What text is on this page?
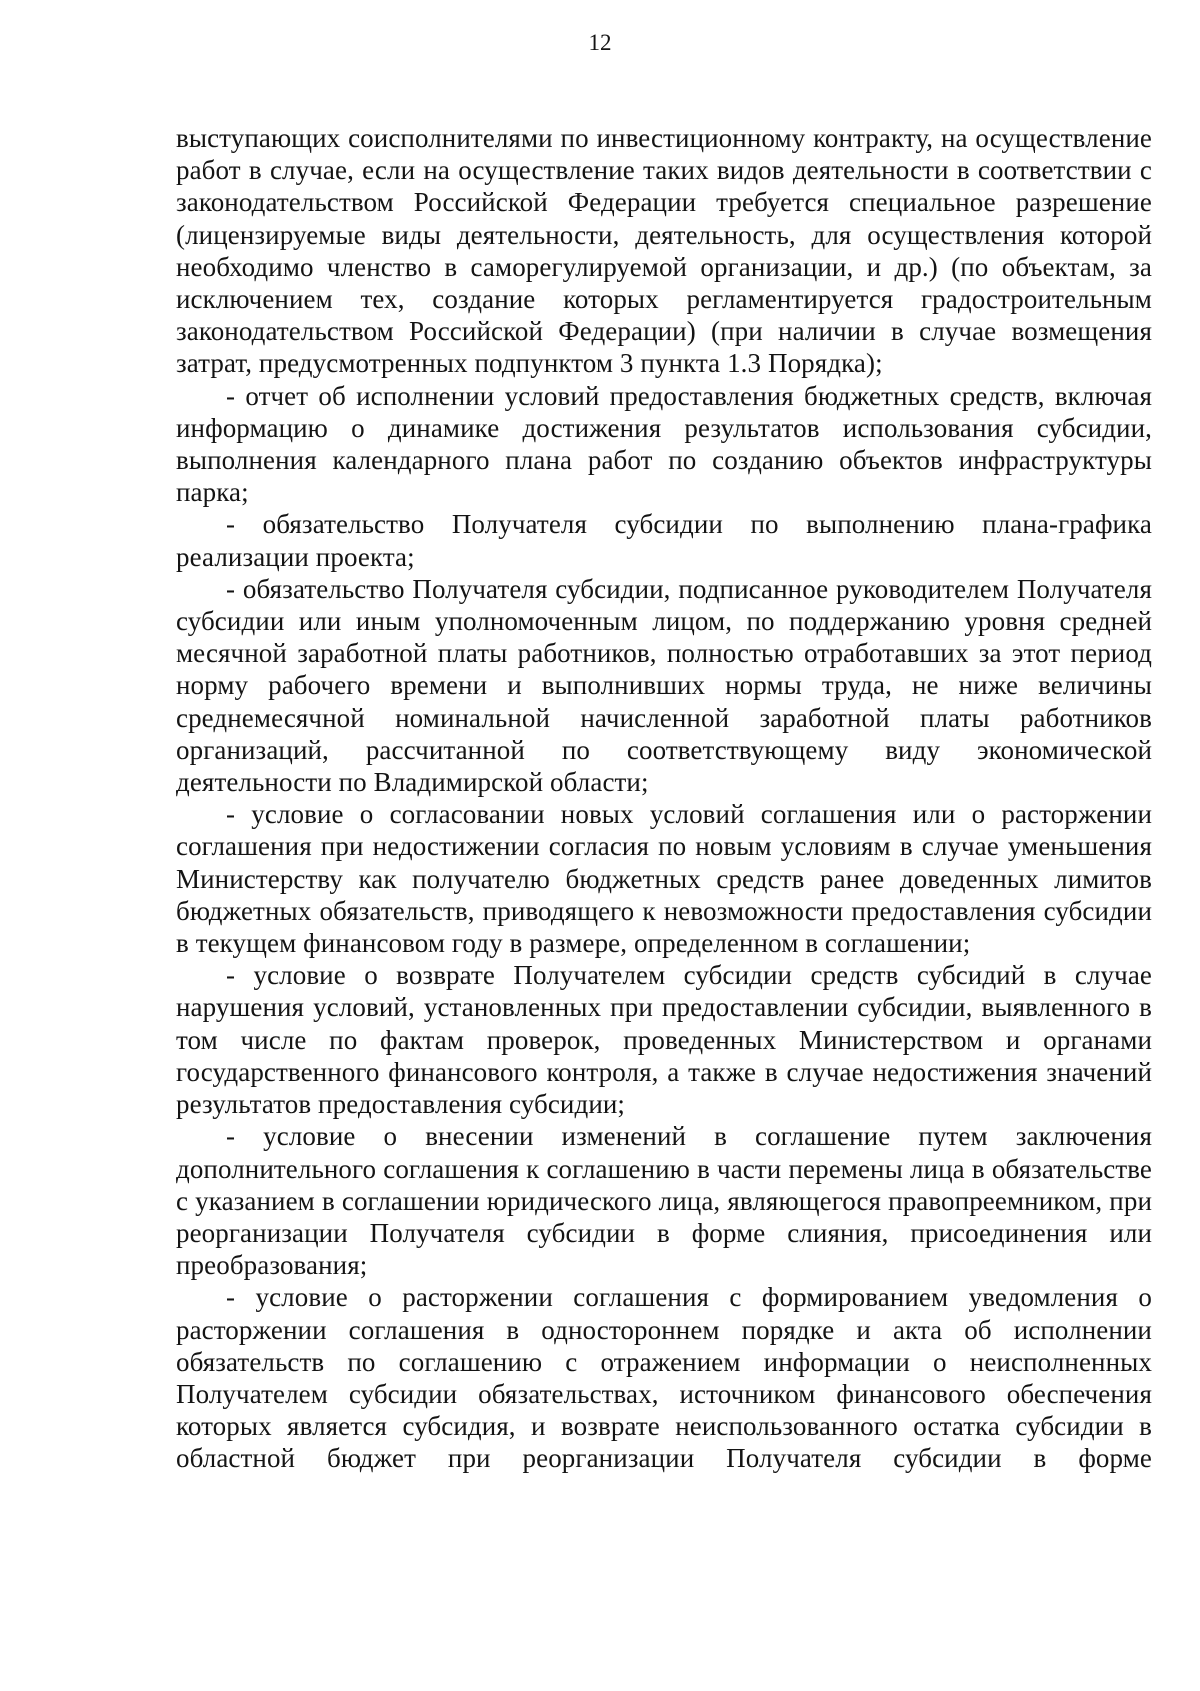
12

выступающих соисполнителями по инвестиционному контракту, на осуществление работ в случае, если на осуществление таких видов деятельности в соответствии с законодательством Российской Федерации требуется специальное разрешение (лицензируемые виды деятельности, деятельность, для осуществления которой необходимо членство в саморегулируемой организации, и др.) (по объектам, за исключением тех, создание которых регламентируется градостроительным законодательством Российской Федерации) (при наличии в случае возмещения затрат, предусмотренных подпунктом 3 пункта 1.3 Порядка);

- отчет об исполнении условий предоставления бюджетных средств, включая информацию о динамике достижения результатов использования субсидии, выполнения календарного плана работ по созданию объектов инфраструктуры парка;

- обязательство Получателя субсидии по выполнению плана-графика реализации проекта;

- обязательство Получателя субсидии, подписанное руководителем Получателя субсидии или иным уполномоченным лицом, по поддержанию уровня средней месячной заработной платы работников, полностью отработавших за этот период норму рабочего времени и выполнивших нормы труда, не ниже величины среднемесячной номинальной начисленной заработной платы работников организаций, рассчитанной по соответствующему виду экономической деятельности по Владимирской области;

- условие о согласовании новых условий соглашения или о расторжении соглашения при недостижении согласия по новым условиям в случае уменьшения Министерству как получателю бюджетных средств ранее доведенных лимитов бюджетных обязательств, приводящего к невозможности предоставления субсидии в текущем финансовом году в размере, определенном в соглашении;

- условие о возврате Получателем субсидии средств субсидий в случае нарушения условий, установленных при предоставлении субсидии, выявленного в том числе по фактам проверок, проведенных Министерством и органами государственного финансового контроля, а также в случае недостижения значений результатов предоставления субсидии;

- условие о внесении изменений в соглашение путем заключения дополнительного соглашения к соглашению в части перемены лица в обязательстве с указанием в соглашении юридического лица, являющегося правопреемником, при реорганизации Получателя субсидии в форме слияния, присоединения или преобразования;

- условие о расторжении соглашения с формированием уведомления о расторжении соглашения в одностороннем порядке и акта об исполнении обязательств по соглашению с отражением информации о неисполненных Получателем субсидии обязательствах, источником финансового обеспечения которых является субсидия, и возврате неиспользованного остатка субсидии в областной бюджет при реорганизации Получателя субсидии в форме
